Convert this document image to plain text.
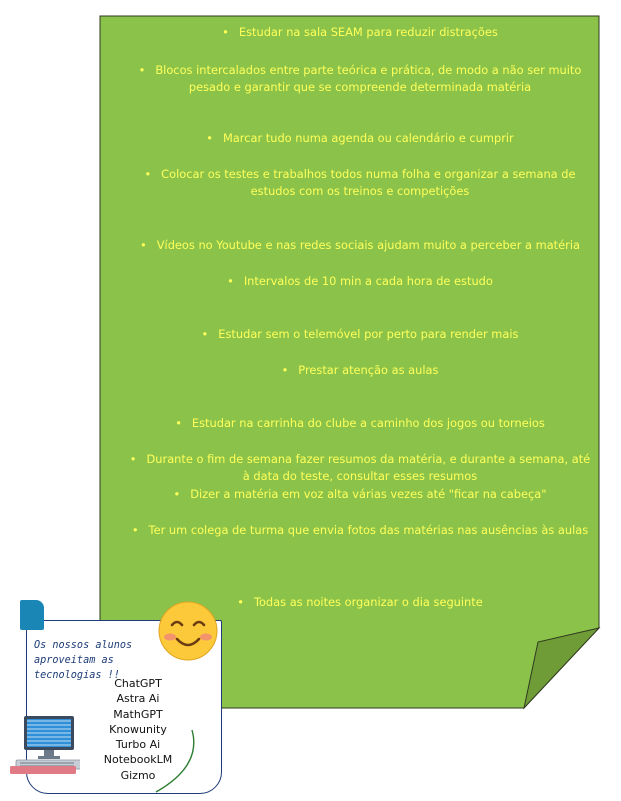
• Estudar na sala SEAM para reduzir distrações
• Blocos intercalados entre parte teórica e prática, de modo a não ser muito pesado e garantir que se compreende determinada matéria
• Marcar tudo numa agenda ou calendário e cumprir
• Colocar os testes e trabalhos todos numa folha e organizar a semana de estudos com os treinos e competições
• Vídeos no Youtube e nas redes sociais ajudam muito a perceber a matéria
• Intervalos de 10 min a cada hora de estudo
• Estudar sem o telemóvel por perto para render mais
• Prestar atenção as aulas
• Estudar na carrinha do clube a caminho dos jogos ou torneios
• Durante o fim de semana fazer resumos da matéria, e durante a semana, até à data do teste, consultar esses resumos
• Dizer a matéria em voz alta várias vezes até "ficar na cabeça"
• Ter um colega de turma que envia fotos das matérias nas ausências às aulas
• Todas as noites organizar o dia seguinte
Os nossos alunos aproveitam as tecnologias !!
ChatGPT
Astra Ai
MathGPT
Knowunity
Turbo Ai
NotebookLM
Gizmo
